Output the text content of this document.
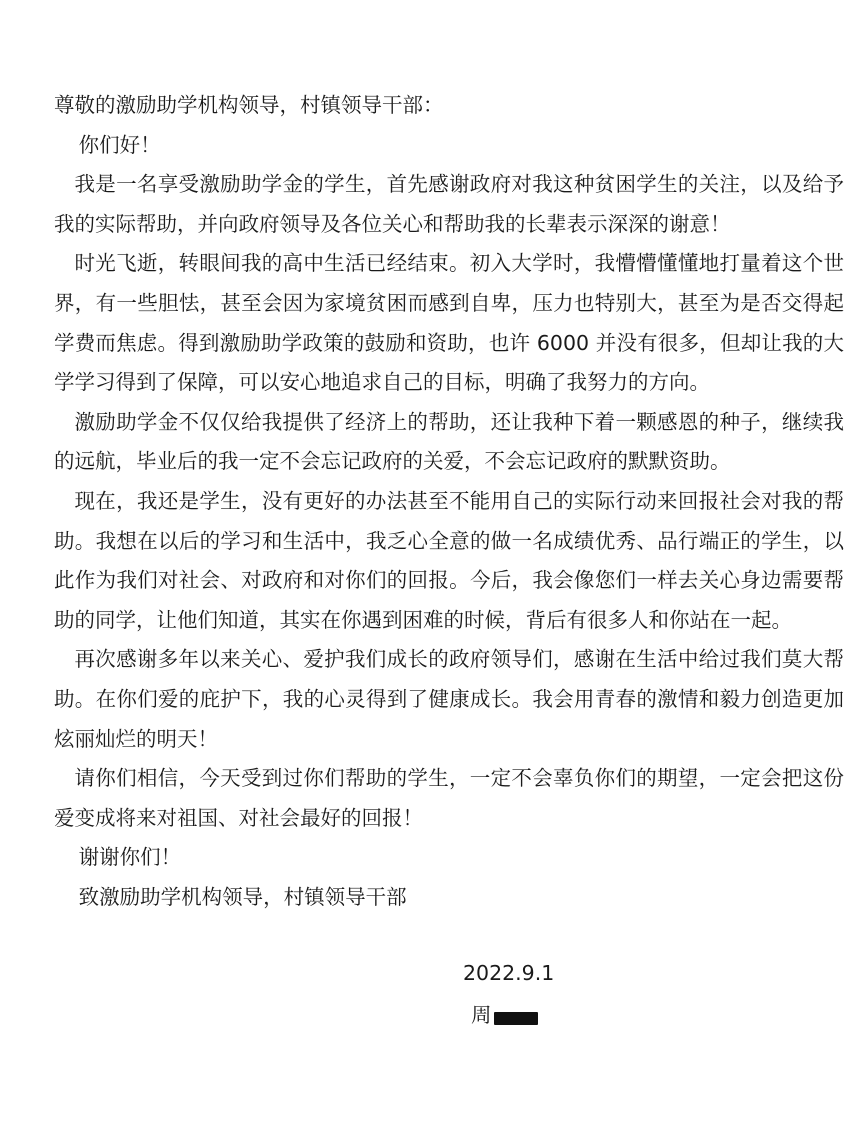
尊敬的激励助学机构领导，村镇领导干部：

你们好！

我是一名享受激励助学金的学生，首先感谢政府对我这种贫困学生的关注，以及给予我的实际帮助，并向政府领导及各位关心和帮助我的长辈表示深深的谢意！

时光飞逝，转眼间我的高中生活已经结束。初入大学时，我懵懵懂懂地打量着这个世界，有一些胆怯，甚至会因为家境贫困而感到自卑，压力也特别大，甚至为是否交得起学费而焦虑。得到激励助学政策的鼓励和资助，也许 6000 并没有很多，但却让我的大学学习得到了保障，可以安心地追求自己的目标，明确了我努力的方向。

激励助学金不仅仅给我提供了经济上的帮助，还让我种下着一颗感恩的种子，继续我的远航，毕业后的我一定不会忘记政府的关爱，不会忘记政府的默默资助。

现在，我还是学生，没有更好的办法甚至不能用自己的实际行动来回报社会对我的帮助。我想在以后的学习和生活中，我乏心全意的做一名成绩优秀、品行端正的学生，以此作为我们对社会、对政府和对你们的回报。今后，我会像您们一样去关心身边需要帮助的同学，让他们知道，其实在你遇到困难的时候，背后有很多人和你站在一起。

再次感谢多年以来关心、爱护我们成长的政府领导们，感谢在生活中给过我们莫大帮助。在你们爱的庇护下，我的心灵得到了健康成长。我会用青春的激情和毅力创造更加炫丽灿烂的明天！

请你们相信，今天受到过你们帮助的学生，一定不会辜负你们的期望，一定会把这份爱变成将来对祖国、对社会最好的回报！

谢谢你们！

致激励助学机构领导，村镇领导干部

2022.9.1
周
